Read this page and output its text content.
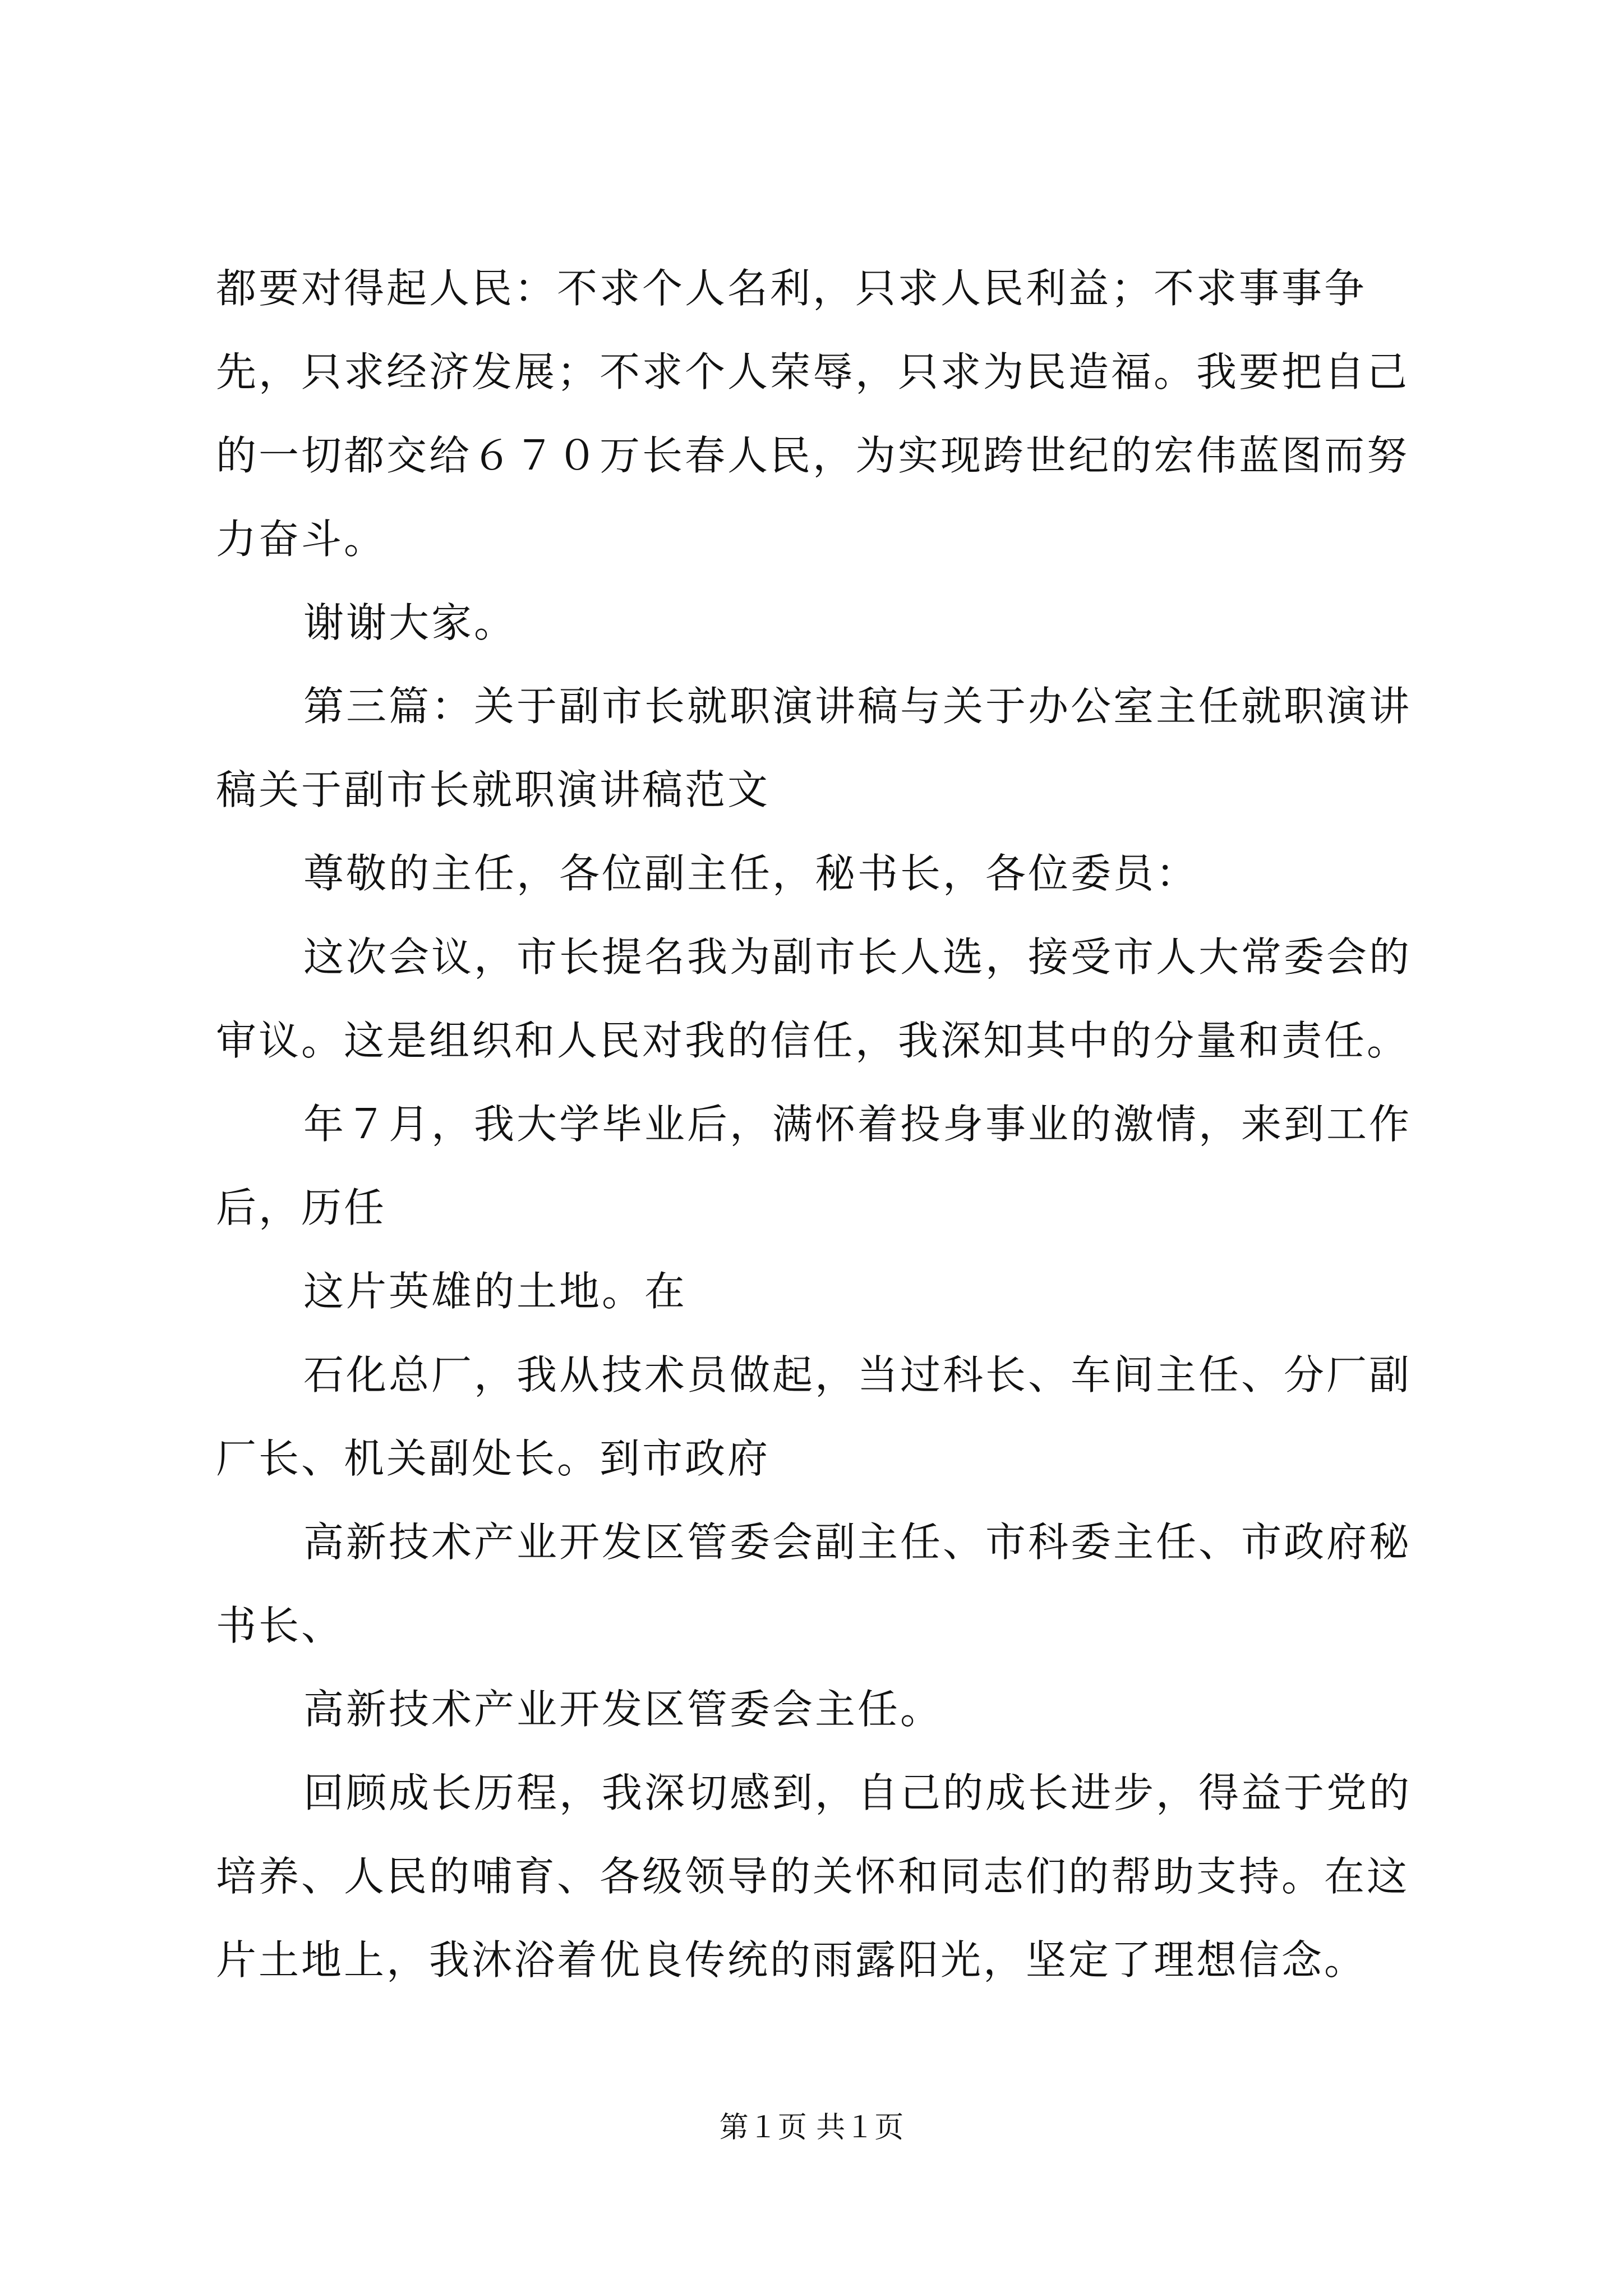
都要对得起人民：不求个人名利，只求人民利益；不求事事争先，只求经济发展；不求个人荣辱，只求为民造福。我要把自己的一切都交给６７０万长春人民，为实现跨世纪的宏伟蓝图而努力奋斗。

谢谢大家。

第三篇：关于副市长就职演讲稿与关于办公室主任就职演讲稿关于副市长就职演讲稿范文

尊敬的主任，各位副主任，秘书长，各位委员：

这次会议，市长提名我为副市长人选，接受市人大常委会的审议。这是组织和人民对我的信任，我深知其中的分量和责任。

年７月，我大学毕业后，满怀着投身事业的激情，来到工作后，历任

这片英雄的土地。在

石化总厂，我从技术员做起，当过科长、车间主任、分厂副厂长、机关副处长。到市政府

高新技术产业开发区管委会副主任、市科委主任、市政府秘书长、

高新技术产业开发区管委会主任。

回顾成长历程，我深切感到，自己的成长进步，得益于党的培养、人民的哺育、各级领导的关怀和同志们的帮助支持。在这片土地上，我沐浴着优良传统的雨露阳光，坚定了理想信念。

第１页 共１页
